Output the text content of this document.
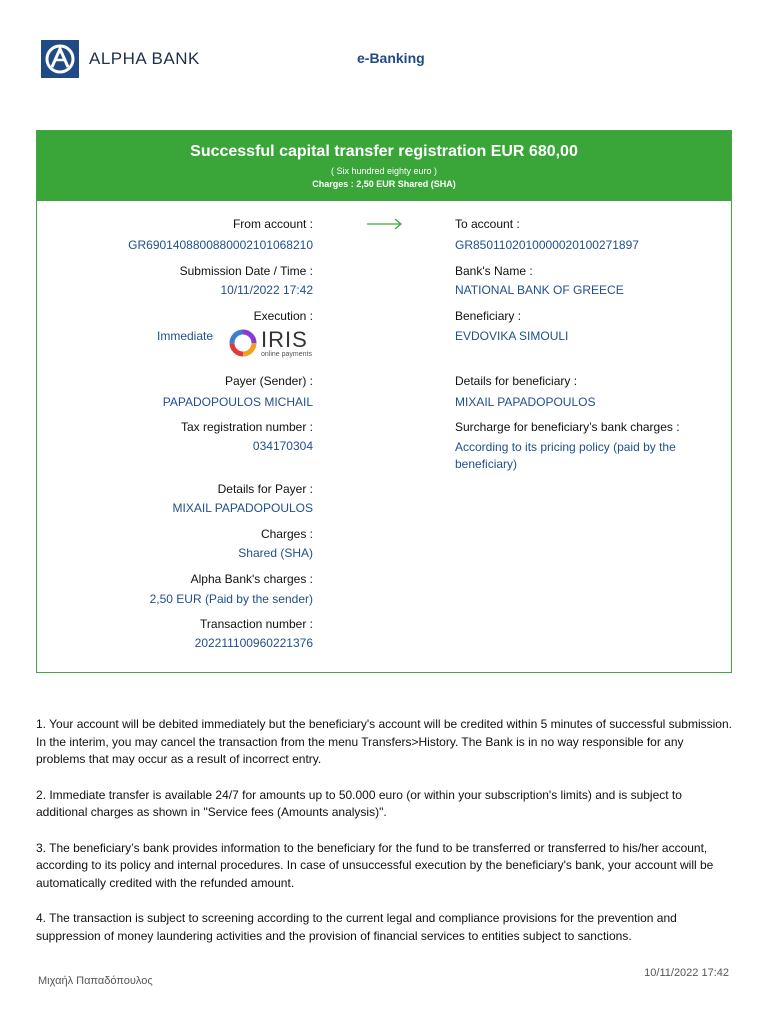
ALPHA BANK	e-Banking
Successful capital transfer registration EUR 680,00
( Six hundred eighty euro )
Charges : 2,50 EUR Shared (SHA)
From account :
GR6901408800880002101068210
Submission Date / Time :
10/11/2022 17:42
Execution :
Immediate IRIS
online payments
Payer (Sender) :
PAPADOPOULOS MICHAIL
Tax registration number :
034170304
Details for Payer :
MIXAIL PAPADOPOULOS
Charges :
Shared (SHA)
Alpha Bank's charges :
2,50 EUR (Paid by the sender)
Transaction number :
202211100960221376
To account :
GR8501102010000020100271897
Bank's Name :
NATIONAL BANK OF GREECE
Beneficiary :
EVDOVIKA SIMOULI
Details for beneficiary :
MIXAIL PAPADOPOULOS
Surcharge for beneficiary’s bank charges :
According to its pricing policy (paid by the beneficiary)

1. Your account will be debited immediately but the beneficiary's account will be credited within 5 minutes of successful submission. In the interim, you may cancel the transaction from the menu Transfers>History. The Bank is in no way responsible for any problems that may occur as a result of incorrect entry.

2. Immediate transfer is available 24/7 for amounts up to 50.000 euro (or within your subscription's limits) and is subject to additional charges as shown in "Service fees (Amounts analysis)".

3. The beneficiary’s bank provides information to the beneficiary for the fund to be transferred or transferred to his/her account, according to its policy and internal procedures. In case of unsuccessful execution by the beneficiary's bank, your account will be automatically credited with the refunded amount.

4. The transaction is subject to screening according to the current legal and compliance provisions for the prevention and suppression of money laundering activities and the provision of financial services to entities subject to sanctions.

Μιχαήλ Παπαδόπουλος
10/11/2022 17:42
